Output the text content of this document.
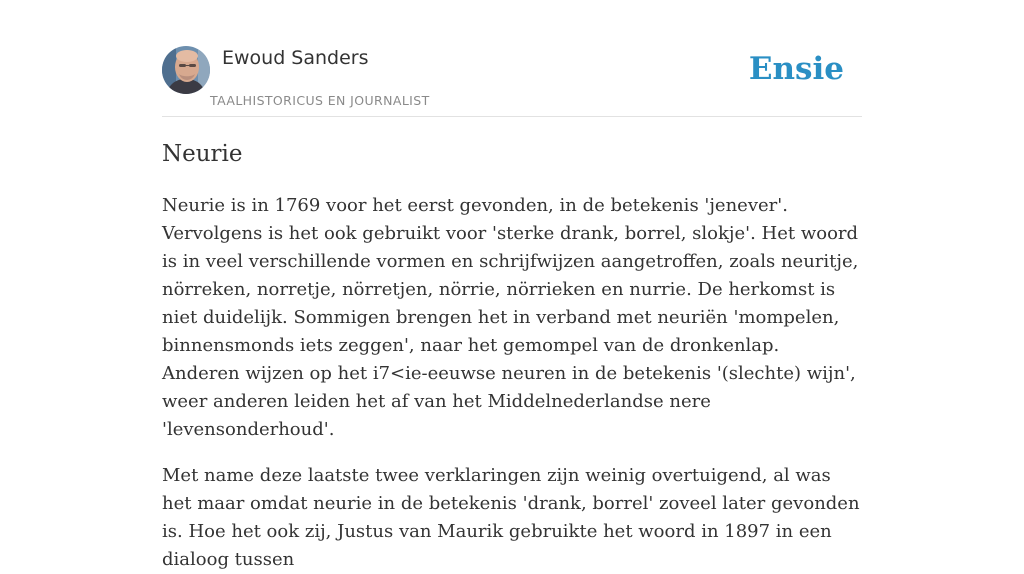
Ewoud Sanders
TAALHISTORICUS EN JOURNALIST
Ensie
Neurie

Neurie is in 1769 voor het eerst gevonden, in de betekenis 'jenever'. Vervolgens is het ook gebruikt voor 'sterke drank, borrel, slokje'. Het woord is in veel verschillende vormen en schrijfwijzen aangetroffen, zoals neuritje, nörreken, norretje, nörretjen, nörrie, nörrieken en nurrie. De herkomst is niet duidelijk. Sommigen brengen het in verband met neuriën 'mompelen, binnensmonds iets zeggen', naar het gemompel van de dronkenlap. Anderen wijzen op het i7<ie-eeuwse neuren in de betekenis '(slechte) wijn', weer anderen leiden het af van het Middelnederlandse nere 'levensonderhoud'.

Met name deze laatste twee verklaringen zijn weinig overtuigend, al was het maar omdat neurie in de betekenis 'drank, borrel' zoveel later gevonden is. Hoe het ook zij, Justus van Maurik gebruikte het woord in 1897 in een dialoog tussen
